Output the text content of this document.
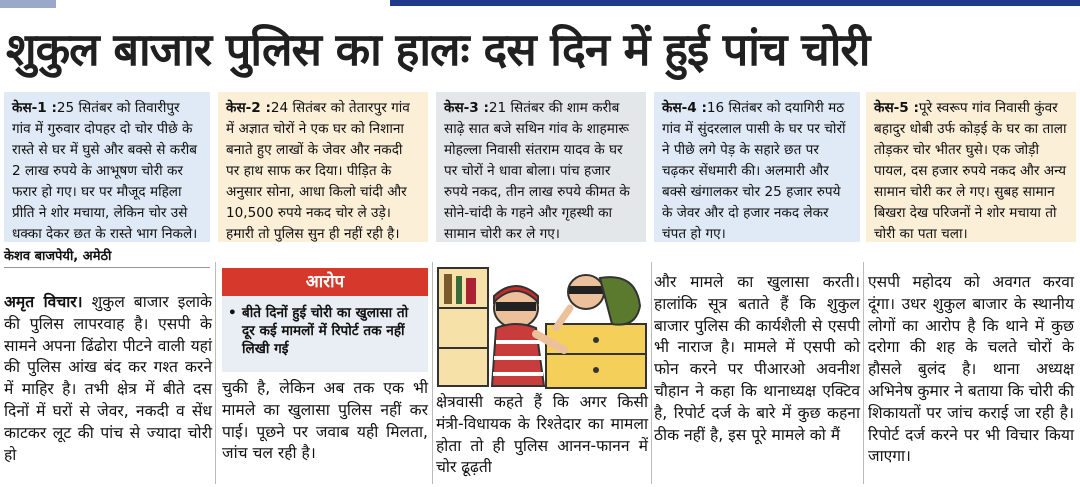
शुकुल बाजार पुलिस का हालः दस दिन में हुई पांच चोरी
केस-1 :25 सितंबर को तिवारीपुर गांव में गुरुवार दोपहर दो चोर पीछे के रास्ते से घर में घुसे और बक्से से करीब 2 लाख रुपये के आभूषण चोरी कर फरार हो गए। घर पर मौजूद महिला प्रीति ने शोर मचाया, लेकिन चोर उसे धक्का देकर छत के रास्ते भाग निकले।
केस-2 :24 सितंबर को तेतारपुर गांव में अज्ञात चोरों ने एक घर को निशाना बनाते हुए लाखों के जेवर और नकदी पर हाथ साफ कर दिया। पीड़ित के अनुसार सोना, आधा किलो चांदी और 10,500 रुपये नकद चोर ले उड़े। हमारी तो पुलिस सुन ही नहीं रही है।
केस-3 :21 सितंबर की शाम करीब साढ़े सात बजे सथिन गांव के शाहमारू मोहल्ला निवासी संतराम यादव के घर पर चोरों ने धावा बोला। पांच हजार रुपये नकद, तीन लाख रुपये कीमत के सोने-चांदी के गहने और गृहस्थी का सामान चोरी कर ले गए।
केस-4 :16 सितंबर को दयागिरी मठ गांव में सुंदरलाल पासी के घर पर चोरों ने पीछे लगे पेड़ के सहारे छत पर चढ़कर सेंधमारी की। अलमारी और बक्से खंगालकर चोर 25 हजार रुपये के जेवर और दो हजार नकद लेकर चंपत हो गए।
केस-5 :पूरे स्वरूप गांव निवासी कुंवर बहादुर धोबी उर्फ कोड़ई के घर का ताला तोड़कर चोर भीतर घुसे। एक जोड़ी पायल, दस हजार रुपये नकद और अन्य सामान चोरी कर ले गए। सुबह सामान बिखरा देख परिजनों ने शोर मचाया तो चोरी का पता चला।
केशव बाजपेयी, अमेठी
अमृत विचार। शुकुल बाजार इलाके की पुलिस लापरवाह है। एसपी के सामने अपना ढिंढोरा पीटने वाली यहां की पुलिस आंख बंद कर गश्त करने में माहिर है। तभी क्षेत्र में बीते दस दिनों में घरों से जेवर, नकदी व सेंध काटकर लूट की पांच से ज्यादा चोरी हो
आरोप
• बीते दिनों हुई चोरी का खुलासा तो दूर कई मामलों में रिपोर्ट तक नहीं लिखी गई
चुकी है, लेकिन अब तक एक भी मामले का खुलासा पुलिस नहीं कर पाई। पूछने पर जवाब यही मिलता, जांच चल रही है।
क्षेत्रवासी कहते हैं कि अगर किसी मंत्री-विधायक के रिश्तेदार का मामला होता तो ही पुलिस आनन-फानन में चोर ढूढ़ती
और मामले का खुलासा करती। हालांकि सूत्र बताते हैं कि शुकुल बाजार पुलिस की कार्यशैली से एसपी भी नाराज है। मामले में एसपी को फोन करने पर पीआरओ अवनीश चौहान ने कहा कि थानाध्यक्ष एक्टिव है, रिपोर्ट दर्ज के बारे में कुछ कहना ठीक नहीं है, इस पूरे मामले को मैं
एसपी महोदय को अवगत करवा दूंगा। उधर शुकुल बाजार के स्थानीय लोगों का आरोप है कि थाने में कुछ दरोगा की शह के चलते चोरों के हौसले बुलंद है। थाना अध्यक्ष अभिनेष कुमार ने बताया कि चोरी की शिकायतों पर जांच कराई जा रही है। रिपोर्ट दर्ज करने पर भी विचार किया जाएगा।
